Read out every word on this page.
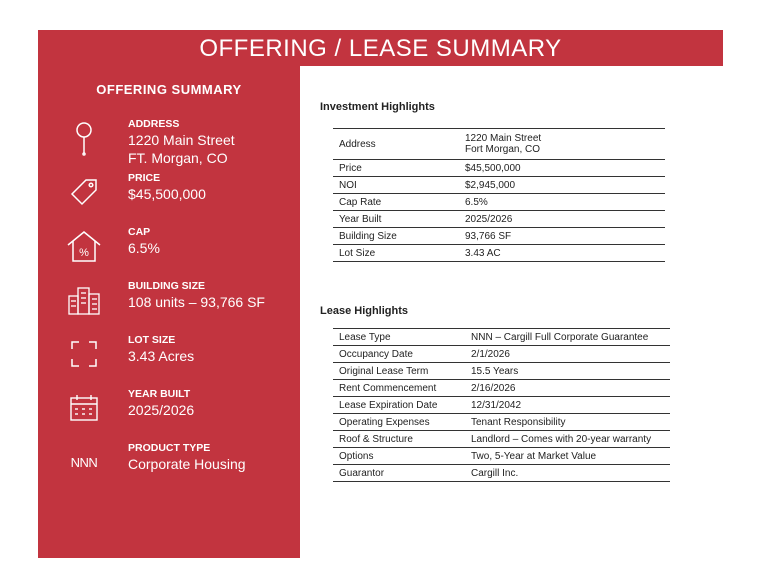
OFFERING / LEASE SUMMARY
OFFERING SUMMARY
ADDRESS
1220 Main Street
FT. Morgan, CO
PRICE
$45,500,000
%
CAP
6.5%
BUILDING SIZE
108 units – 93,766 SF
LOT SIZE
3.43 Acres
YEAR BUILT
2025/2026
NNN
PRODUCT TYPE
Corporate Housing
Investment Highlights
Address	1220 Main Street
Fort Morgan, CO
Price	$45,500,000
NOI	$2,945,000
Cap Rate	6.5%
Year Built	2025/2026
Building Size	93,766 SF
Lot Size	3.43 AC
Lease Highlights
Lease Type	NNN – Cargill Full Corporate Guarantee
Occupancy Date	2/1/2026
Original Lease Term	15.5 Years
Rent Commencement	2/16/2026
Lease Expiration Date	12/31/2042
Operating Expenses	Tenant Responsibility
Roof & Structure	Landlord – Comes with 20-year warranty
Options	Two, 5-Year at Market Value
Guarantor	Cargill Inc.
